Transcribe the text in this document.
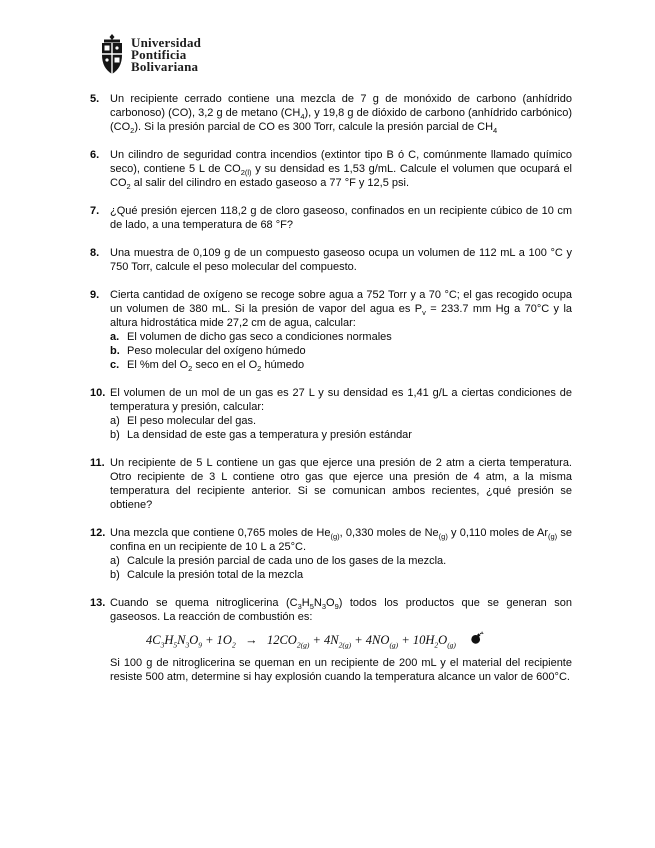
Universidad
Pontificia
Bolivariana
5. Un recipiente cerrado contiene una mezcla de 7 g de monóxido de carbono (anhídrido carbonoso) (CO), 3,2 g de metano $(CH_4)$, y 19,8 g de dióxido de carbono (anhídrido carbónico) $(CO_2)$. Si la presión parcial de CO es 300 Torr, calcule la presión parcial de $CH_4$
6. Un cilindro de seguridad contra incendios (extintor tipo B ó C, comúnmente llamado químico seco), contiene 5 L de $CO_{2(l)}$ y su densidad es 1,53 g/mL. Calcule el volumen que ocupará el $CO_2$ al salir del cilindro en estado gaseoso a 77 °F y 12,5 psi.
7. ¿Qué presión ejercen 118,2 g de cloro gaseoso, confinados en un recipiente cúbico de 10 cm de lado, a una temperatura de 68 °F?
8. Una muestra de 0,109 g de un compuesto gaseoso ocupa un volumen de 112 mL a 100 °C y 750 Torr, calcule el peso molecular del compuesto.
9. Cierta cantidad de oxígeno se recoge sobre agua a 752 Torr y a 70 °C; el gas recogido ocupa un volumen de 380 mL. Si la presión de vapor del agua es $P_v = 233.7$ mm Hg a 70°C y la altura hidrostática mide 27,2 cm de agua, calcular:
a. El volumen de dicho gas seco a condiciones normales
b. Peso molecular del oxígeno húmedo
c. El %m del $O_2$ seco en el $O_2$ húmedo
10. El volumen de un mol de un gas es 27 L y su densidad es 1,41 g/L a ciertas condiciones de temperatura y presión, calcular:
a) El peso molecular del gas.
b) La densidad de este gas a temperatura y presión estándar
11. Un recipiente de 5 L contiene un gas que ejerce una presión de 2 atm a cierta temperatura. Otro recipiente de 3 L contiene otro gas que ejerce una presión de 4 atm, a la misma temperatura del recipiente anterior. Si se comunican ambos recientes, ¿qué presión se obtiene?
12. Una mezcla que contiene 0,765 moles de $He_{(g)}$, 0,330 moles de $Ne_{(g)}$ y 0,110 moles de $Ar_{(g)}$ se confina en un recipiente de 10 L a 25°C.
a) Calcule la presión parcial de cada uno de los gases de la mezcla.
b) Calcule la presión total de la mezcla
13. Cuando se quema nitroglicerina $(C_3H_5N_3O_9)$ todos los productos que se generan son gaseosos. La reacción de combustión es:
$4C_3H_5N_3O_9 + 1O_2 \to 12CO_{2(g)} + 4N_{2(g)} + 4NO_{(g)} + 10H_2O_{(g)}$
Si 100 g de nitroglicerina se queman en un recipiente de 200 mL y el material del recipiente resiste 500 atm, determine si hay explosión cuando la temperatura alcance un valor de 600°C.
